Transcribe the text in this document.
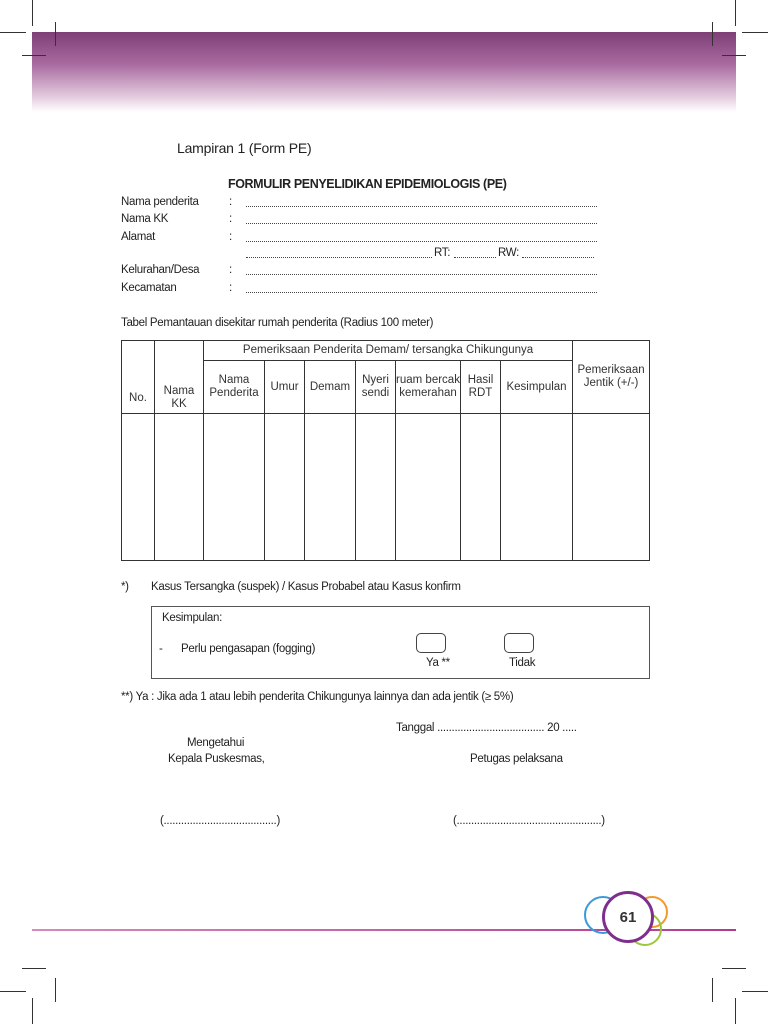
Lampiran 1 (Form PE)
FORMULIR PENYELIDIKAN EPIDEMIOLOGIS (PE)
Nama penderita	:
Nama KK	:
Alamat	:
RT:	RW:
Kelurahan/Desa	:
Kecamatan	:
Tabel Pemantauan disekitar rumah penderita (Radius 100 meter)
No.	Nama KK	Pemeriksaan Penderita Demam/ tersangka Chikungunya							Pemeriksaan Jentik (+/-)
		Nama Penderita	Umur	Demam	Nyeri sendi	ruam bercak kemerahan	Hasil RDT	Kesimpulan	

*) Kasus Tersangka (suspek) / Kasus Probabel atau Kasus konfirm
Kesimpulan:
- Perlu pengasapan (fogging)
Ya **	Tidak
**) Ya : Jika ada 1 atau lebih penderita Chikungunya lainnya dan ada jentik (≥ 5%)
Tanggal ..................................... 20 .....
Mengetahui
Kepala Puskesmas,	Petugas pelaksana
(.......................................)	(..................................................)
61
